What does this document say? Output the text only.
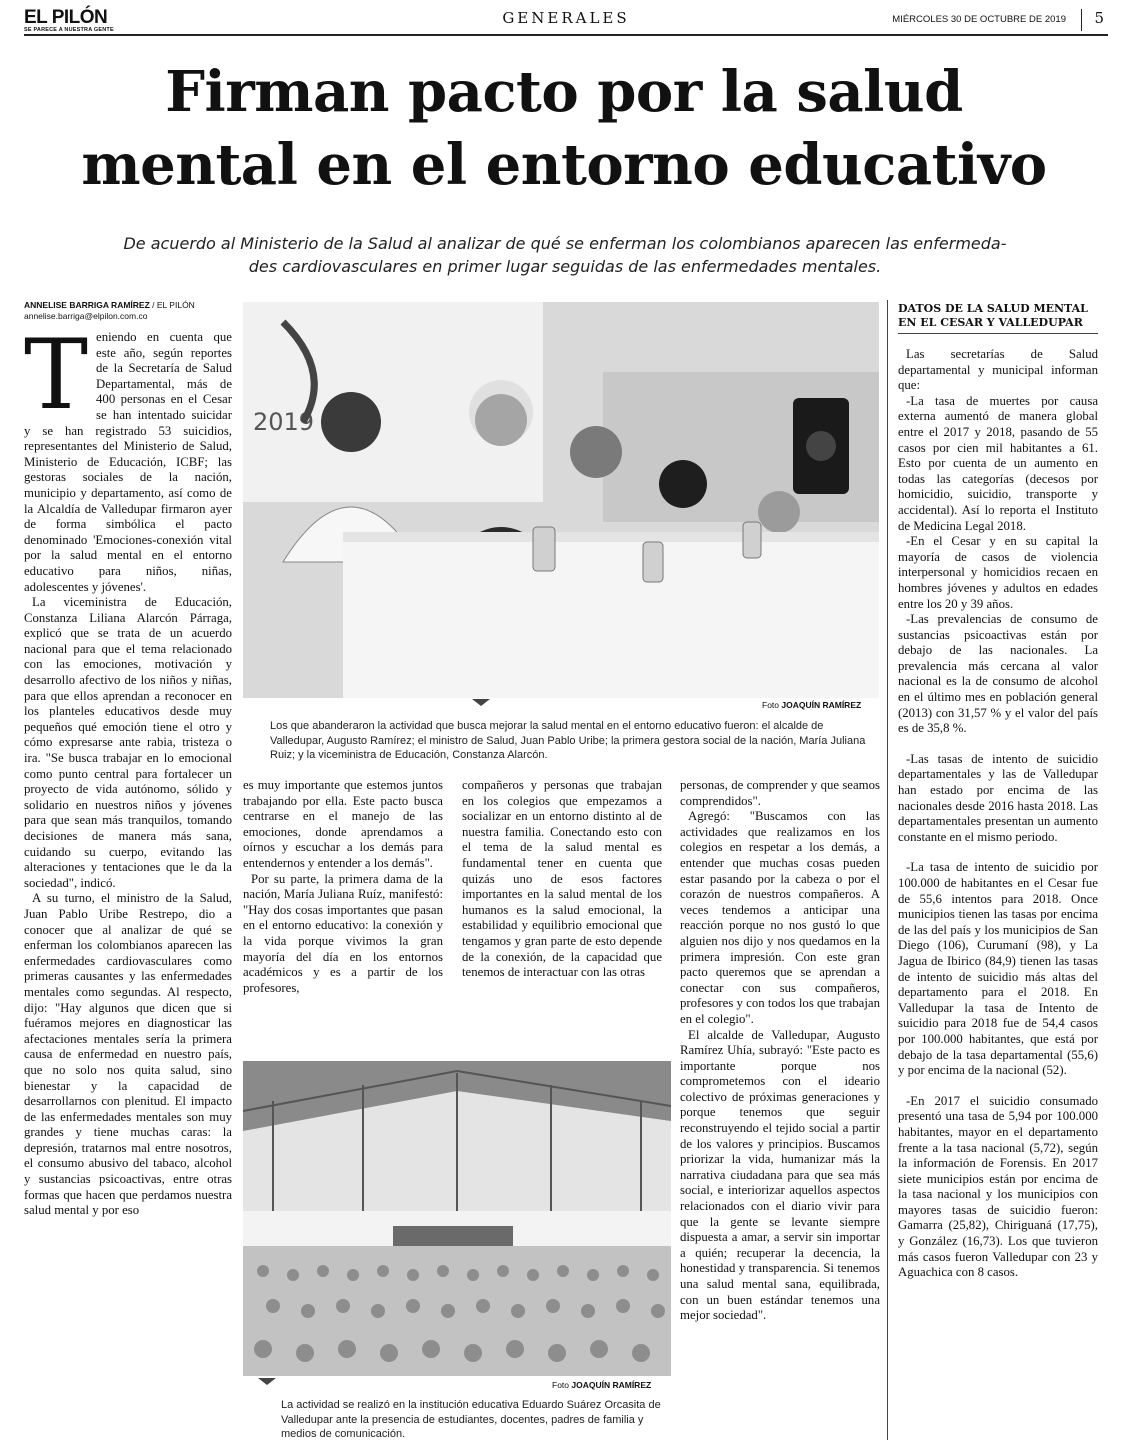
EL PILÓN
SE PARECE A NUESTRA GENTE
GENERALES	MIÉRCOLES 30 DE OCTUBRE DE 2019 5
Firman pacto por la salud
mental en el entorno educativo
De acuerdo al Ministerio de la Salud al analizar de qué se enferman los colombianos aparecen las enfermeda-
des cardiovasculares en primer lugar seguidas de las enfermedades mentales.
ANNELISE BARRIGA RAMÍREZ / EL PILÓN
annelise.barriga@elpilon.com.co
T eniendo en cuenta que este año, según reportes de la Secretaría de Salud Departamental, más de 400 personas en el Cesar se han intentado suicidar y se han registrado 53 suicidios, representantes del Ministerio de Salud, Ministerio de Educación, ICBF; las gestoras sociales de la nación, municipio y departamento, así como de la Alcaldía de Valledupar firmaron ayer de forma simbólica el pacto denominado 'Emociones-conexión vital por la salud mental en el entorno educativo para niños, niñas, adolescentes y jóvenes'.

La viceministra de Educación, Constanza Liliana Alarcón Párraga, explicó que se trata de un acuerdo nacional para que el tema relacionado con las emociones, motivación y desarrollo afectivo de los niños y niñas, para que ellos aprendan a reconocer en los planteles educativos desde muy pequeños qué emoción tiene el otro y cómo expresarse ante rabia, tristeza o ira. "Se busca trabajar en lo emocional como punto central para fortalecer un proyecto de vida autónomo, sólido y solidario en nuestros niños y jóvenes para que sean más tranquilos, tomando decisiones de manera más sana, cuidando su cuerpo, evitando las alteraciones y tentaciones que le da la sociedad", indicó.

A su turno, el ministro de la Salud, Juan Pablo Uribe Restrepo, dio a conocer que al analizar de qué se enferman los colombianos aparecen las enfermedades cardiovasculares como primeras causantes y las enfermedades mentales como segundas. Al respecto, dijo: "Hay algunos que dicen que si fuéramos mejores en diagnosticar las afectaciones mentales sería la primera causa de enfermedad en nuestro país, que no solo nos quita salud, sino bienestar y la capacidad de desarrollarnos con plenitud. El impacto de las enfermedades mentales son muy grandes y tiene muchas caras: la depresión, tratarnos mal entre nosotros, el consumo abusivo del tabaco, alcohol y sustancias psicoactivas, entre otras formas que hacen que perdamos nuestra salud mental y por eso

2019
Foto JOAQUÍN RAMÍREZ
Los que abanderaron la actividad que busca mejorar la salud mental en el entorno educativo fueron: el alcalde de Valledupar, Augusto Ramírez; el ministro de Salud, Juan Pablo Uribe; la primera gestora social de la nación, María Juliana Ruiz; y la viceministra de Educación, Constanza Alarcón.

es muy importante que estemos juntos trabajando por ella. Este pacto busca centrarse en el manejo de las emociones, donde aprendamos a oírnos y escuchar a los demás para entendernos y entender a los demás".

Por su parte, la primera dama de la nación, María Juliana Ruíz, manifestó: "Hay dos cosas importantes que pasan en el entorno educativo: la conexión y la vida porque vivimos la gran mayoría del día en los entornos académicos y es a partir de los profesores,

compañeros y personas que trabajan en los colegios que empezamos a socializar en un entorno distinto al de nuestra familia. Conectando esto con el tema de la salud mental es fundamental tener en cuenta que quizás uno de esos factores importantes en la salud mental de los humanos es la salud emocional, la estabilidad y equilibrio emocional que tengamos y gran parte de esto depende de la conexión, de la capacidad que tenemos de interactuar con las otras

personas, de comprender y que seamos comprendidos".

Agregó: "Buscamos con las actividades que realizamos en los colegios en respetar a los demás, a entender que muchas cosas pueden estar pasando por la cabeza o por el corazón de nuestros compañeros. A veces tendemos a anticipar una reacción porque no nos gustó lo que alguien nos dijo y nos quedamos en la primera impresión. Con este gran pacto queremos que se aprendan a conectar con sus compañeros, profesores y con todos los que trabajan en el colegio".

El alcalde de Valledupar, Augusto Ramírez Uhía, subrayó: "Este pacto es importante porque nos comprometemos con el ideario colectivo de próximas generaciones y porque tenemos que seguir reconstruyendo el tejido social a partir de los valores y principios. Buscamos priorizar la vida, humanizar más la narrativa ciudadana para que sea más social, e interiorizar aquellos aspectos relacionados con el diario vivir para que la gente se levante siempre dispuesta a amar, a servir sin importar a quién; recuperar la decencia, la honestidad y transparencia. Si tenemos una salud mental sana, equilibrada, con un buen estándar tenemos una mejor sociedad".

Foto JOAQUÍN RAMÍREZ
La actividad se realizó en la institución educativa Eduardo Suárez Orcasita de Valledupar ante la presencia de estudiantes, docentes, padres de familia y medios de comunicación.
DATOS DE LA SALUD MENTAL EN EL CESAR Y VALLEDUPAR

Las secretarías de Salud departamental y municipal informan que:

-La tasa de muertes por causa externa aumentó de manera global entre el 2017 y 2018, pasando de 55 casos por cien mil habitantes a 61. Esto por cuenta de un aumento en todas las categorías (decesos por homicidio, suicidio, transporte y accidental). Así lo reporta el Instituto de Medicina Legal 2018.

-En el Cesar y en su capital la mayoría de casos de violencia interpersonal y homicidios recaen en hombres jóvenes y adultos en edades entre los 20 y 39 años.

-Las prevalencias de consumo de sustancias psicoactivas están por debajo de las nacionales. La prevalencia más cercana al valor nacional es la de consumo de alcohol en el último mes en población general (2013) con 31,57 % y el valor del país es de 35,8 %.

-Las tasas de intento de suicidio departamentales y las de Valledupar han estado por encima de las nacionales desde 2016 hasta 2018. Las departamentales presentan un aumento constante en el mismo periodo.

-La tasa de intento de suicidio por 100.000 de habitantes en el Cesar fue de 55,6 intentos para 2018. Once municipios tienen las tasas por encima de las del país y los municipios de San Diego (106), Curumaní (98), y La Jagua de Ibirico (84,9) tienen las tasas de intento de suicidio más altas del departamento para el 2018. En Valledupar la tasa de Intento de suicidio para 2018 fue de 54,4 casos por 100.000 habitantes, que está por debajo de la tasa departamental (55,6) y por encima de la nacional (52).

-En 2017 el suicidio consumado presentó una tasa de 5,94 por 100.000 habitantes, mayor en el departamento frente a la tasa nacional (5,72), según la información de Forensis. En 2017 siete municipios están por encima de la tasa nacional y los municipios con mayores tasas de suicidio fueron: Gamarra (25,82), Chiriguaná (17,75), y González (16,73). Los que tuvieron más casos fueron Valledupar con 23 y Aguachica con 8 casos.
